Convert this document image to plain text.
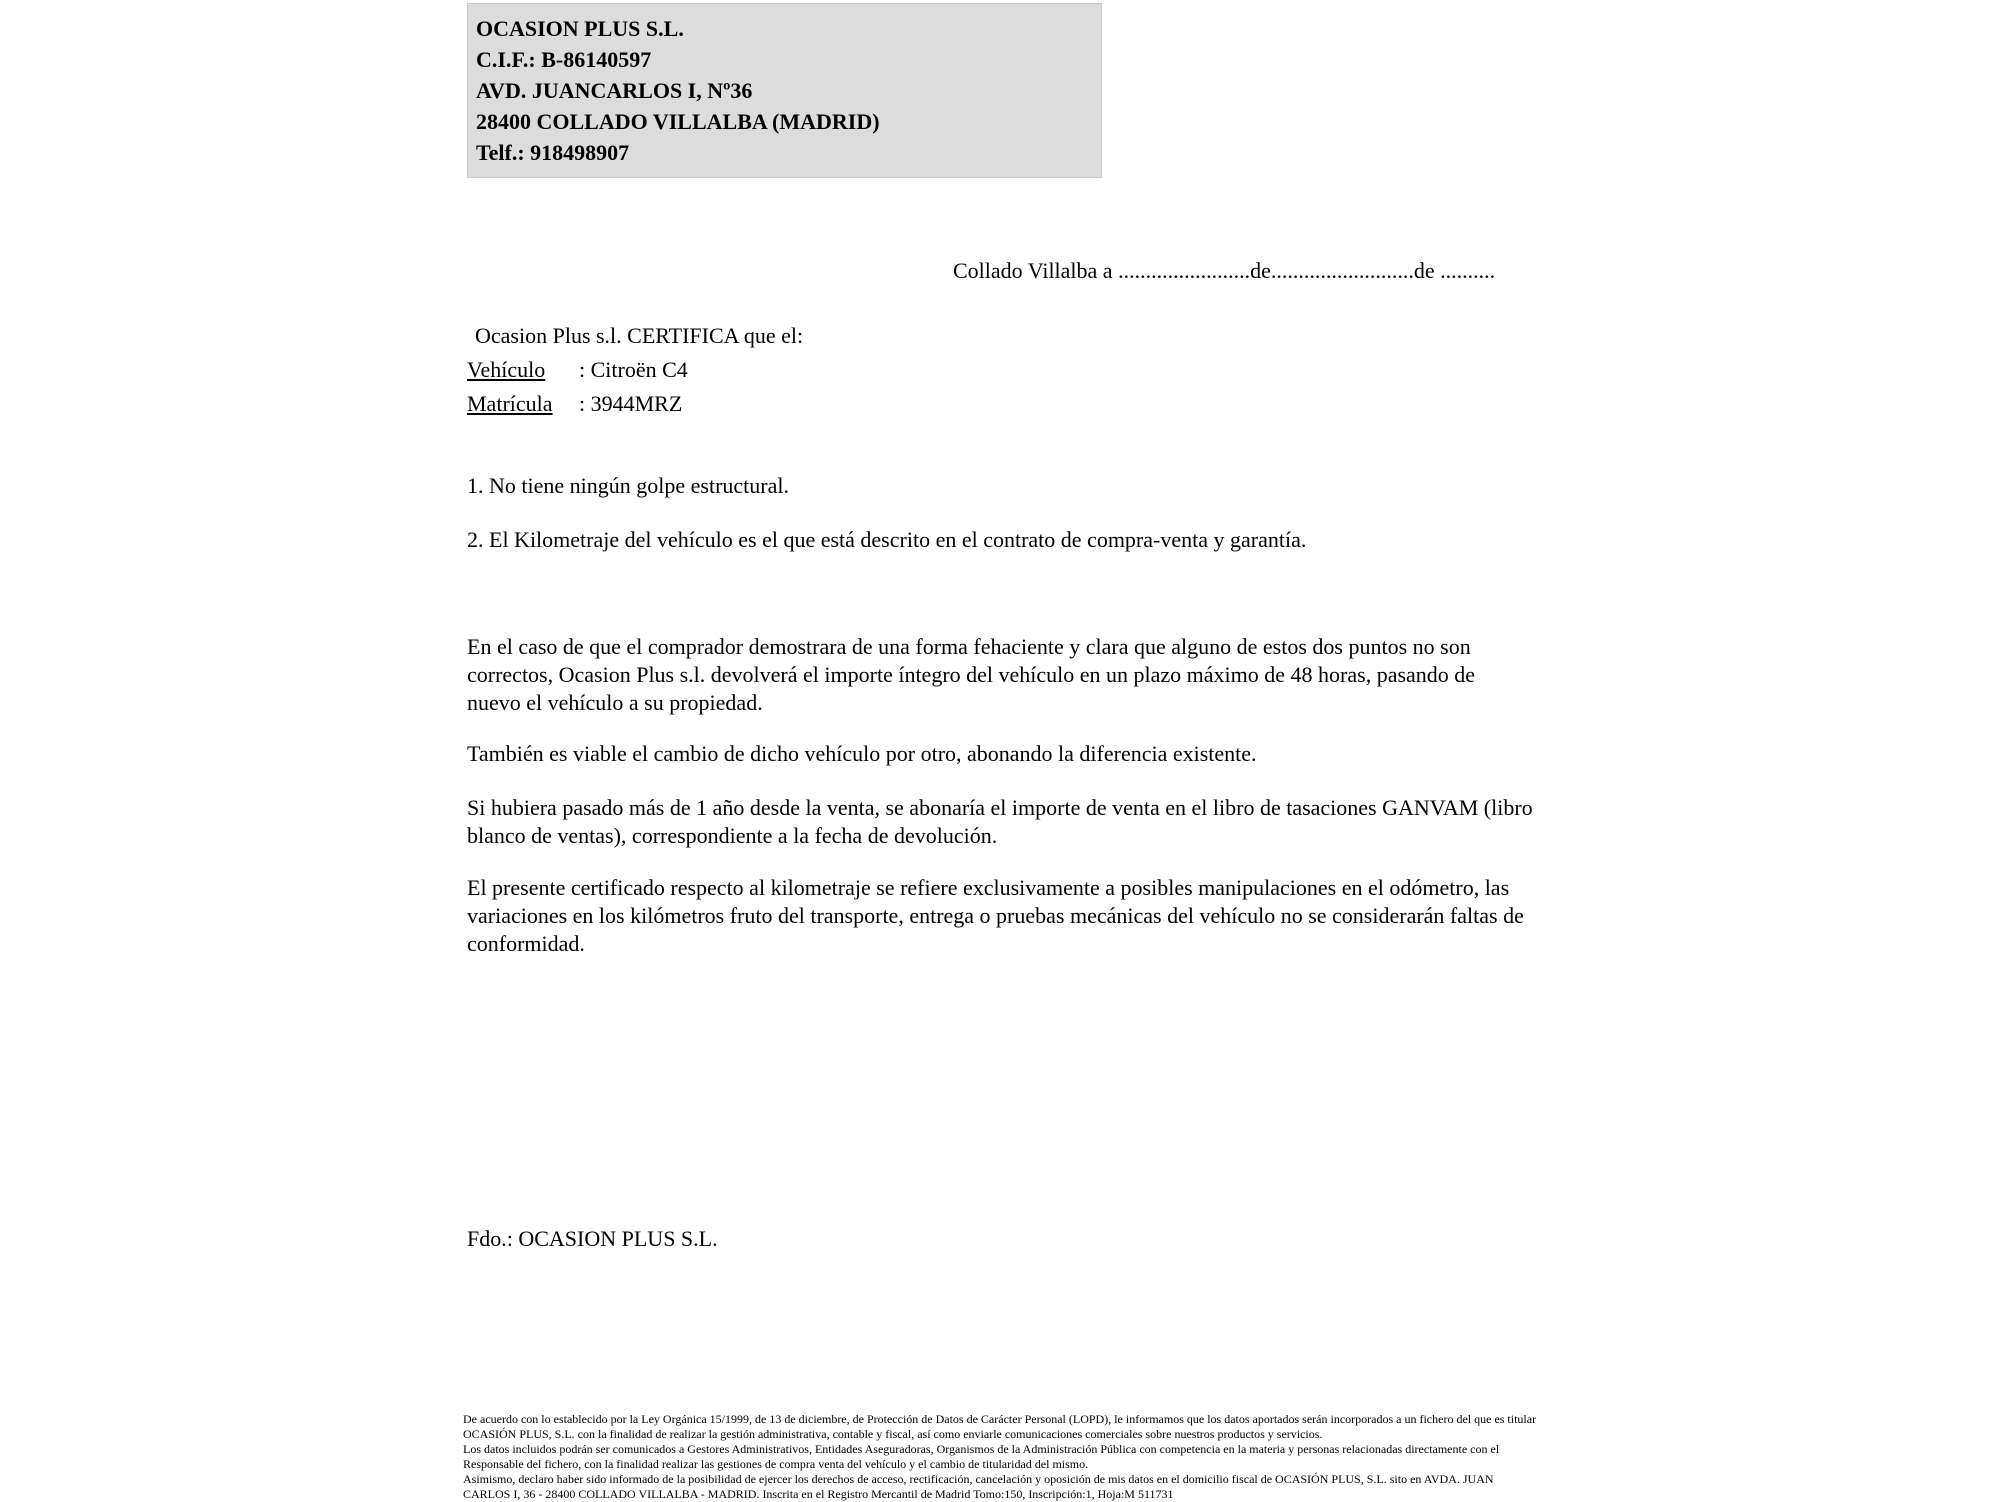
OCASION PLUS S.L.
C.I.F.: B-86140597
AVD. JUANCARLOS I, Nº36
28400 COLLADO VILLALBA (MADRID)
Telf.: 918498907
Collado Villalba a ........................de..........................de ..........
Ocasion Plus s.l. CERTIFICA que el:
Vehículo : Citroën C4
Matrícula : 3944MRZ
1. No tiene ningún golpe estructural.
2. El Kilometraje del vehículo es el que está descrito en el contrato de compra-venta y garantía.
En el caso de que el comprador demostrara de una forma fehaciente y clara que alguno de estos dos puntos no son correctos, Ocasion Plus s.l. devolverá el importe íntegro del vehículo en un plazo máximo de 48 horas, pasando de nuevo el vehículo a su propiedad.
También es viable el cambio de dicho vehículo por otro, abonando la diferencia existente.
Si hubiera pasado más de 1 año desde la venta, se abonaría el importe de venta en el libro de tasaciones GANVAM (libro blanco de ventas), correspondiente a la fecha de devolución.
El presente certificado respecto al kilometraje se refiere exclusivamente a posibles manipulaciones en el odómetro, las variaciones en los kilómetros fruto del transporte, entrega o pruebas mecánicas del vehículo no se considerarán faltas de conformidad.
Fdo.: OCASION PLUS S.L.
De acuerdo con lo establecido por la Ley Orgánica 15/1999, de 13 de diciembre, de Protección de Datos de Carácter Personal (LOPD), le informamos que los datos aportados serán incorporados a un fichero del que es titular
OCASIÓN PLUS, S.L. con la finalidad de realizar la gestión administrativa, contable y fiscal, así como enviarle comunicaciones comerciales sobre nuestros productos y servicios.
Los datos incluidos podrán ser comunicados a Gestores Administrativos, Entidades Aseguradoras, Organismos de la Administración Pública con competencia en la materia y personas relacionadas directamente con el
Responsable del fichero, con la finalidad realizar las gestiones de compra venta del vehículo y el cambio de titularidad del mismo.
Asimismo, declaro haber sido informado de la posibilidad de ejercer los derechos de acceso, rectificación, cancelación y oposición de mis datos en el domicilio fiscal de OCASIÓN PLUS, S.L. sito en AVDA. JUAN
CARLOS I, 36 - 28400 COLLADO VILLALBA - MADRID. Inscrita en el Registro Mercantil de Madrid Tomo:150, Inscripción:1, Hoja:M 511731
